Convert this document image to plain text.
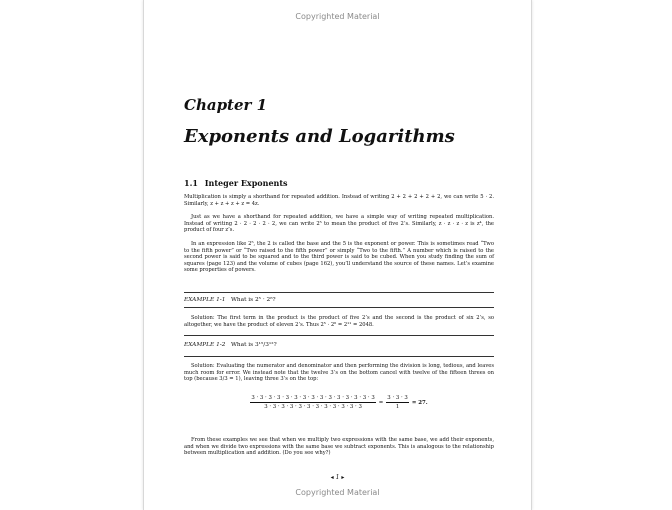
Copyrighted Material
Chapter 1
Exponents and Logarithms
1.1 Integer Exponents
Multiplication is simply a shorthand for repeated addition. Instead of writing 2 + 2 + 2 + 2 + 2, we can write 5 · 2. Similarly, z + z + z + z = 4z.
Just as we have a shorthand for repeated addition, we have a simple way of writing repeated multiplication. Instead of writing 2 · 2 · 2 · 2 · 2, we can write 2⁵ to mean the product of five 2’s. Similarly, z · z · z · z is z⁴, the product of four z’s.
In an expression like 2⁵, the 2 is called the base and the 5 is the exponent or power. This is sometimes read “Two to the fifth power” or “Two raised to the fifth power” or simply “Two to the fifth.” A number which is raised to the second power is said to be squared and to the third power is said to be cubed. When you study finding the sum of squares (page 123) and the volume of cubes (page 162), you’ll understand the source of these names. Let’s examine some properties of powers.
EXAMPLE 1-1 What is 2⁵ · 2⁶?
Solution: The first term in the product is the product of five 2’s and the second is the product of six 2’s, so altogether, we have the product of eleven 2’s. Thus 2⁵ · 2⁶ = 2¹¹ = 2048.
EXAMPLE 1-2 What is 3¹⁵/3¹²?
Solution: Evaluating the numerator and denominator and then performing the division is long, tedious, and leaves much room for error. We instead note that the twelve 3’s on the bottom cancel with twelve of the fifteen threes on top (because 3/3 = 1), leaving three 3’s on the top:
$\frac{3 \cdot 3 \cdot 3 \cdot 3 \cdot 3 \cdot 3 \cdot 3 \cdot 3 \cdot 3 \cdot 3 \cdot 3 \cdot 3 \cdot 3 \cdot 3 \cdot 3}{3 \cdot 3 \cdot 3 \cdot 3 \cdot 3 \cdot 3 \cdot 3 \cdot 3 \cdot 3 \cdot 3 \cdot 3 \cdot 3} = \frac{3 \cdot 3 \cdot 3}{1} = 27$.
From these examples we see that when we multiply two expressions with the same base, we add their exponents, and when we divide two expressions with the same base we subtract exponents. This is analogous to the relationship between multiplication and addition. (Do you see why?)
◂ 1 ▸
Copyrighted Material
